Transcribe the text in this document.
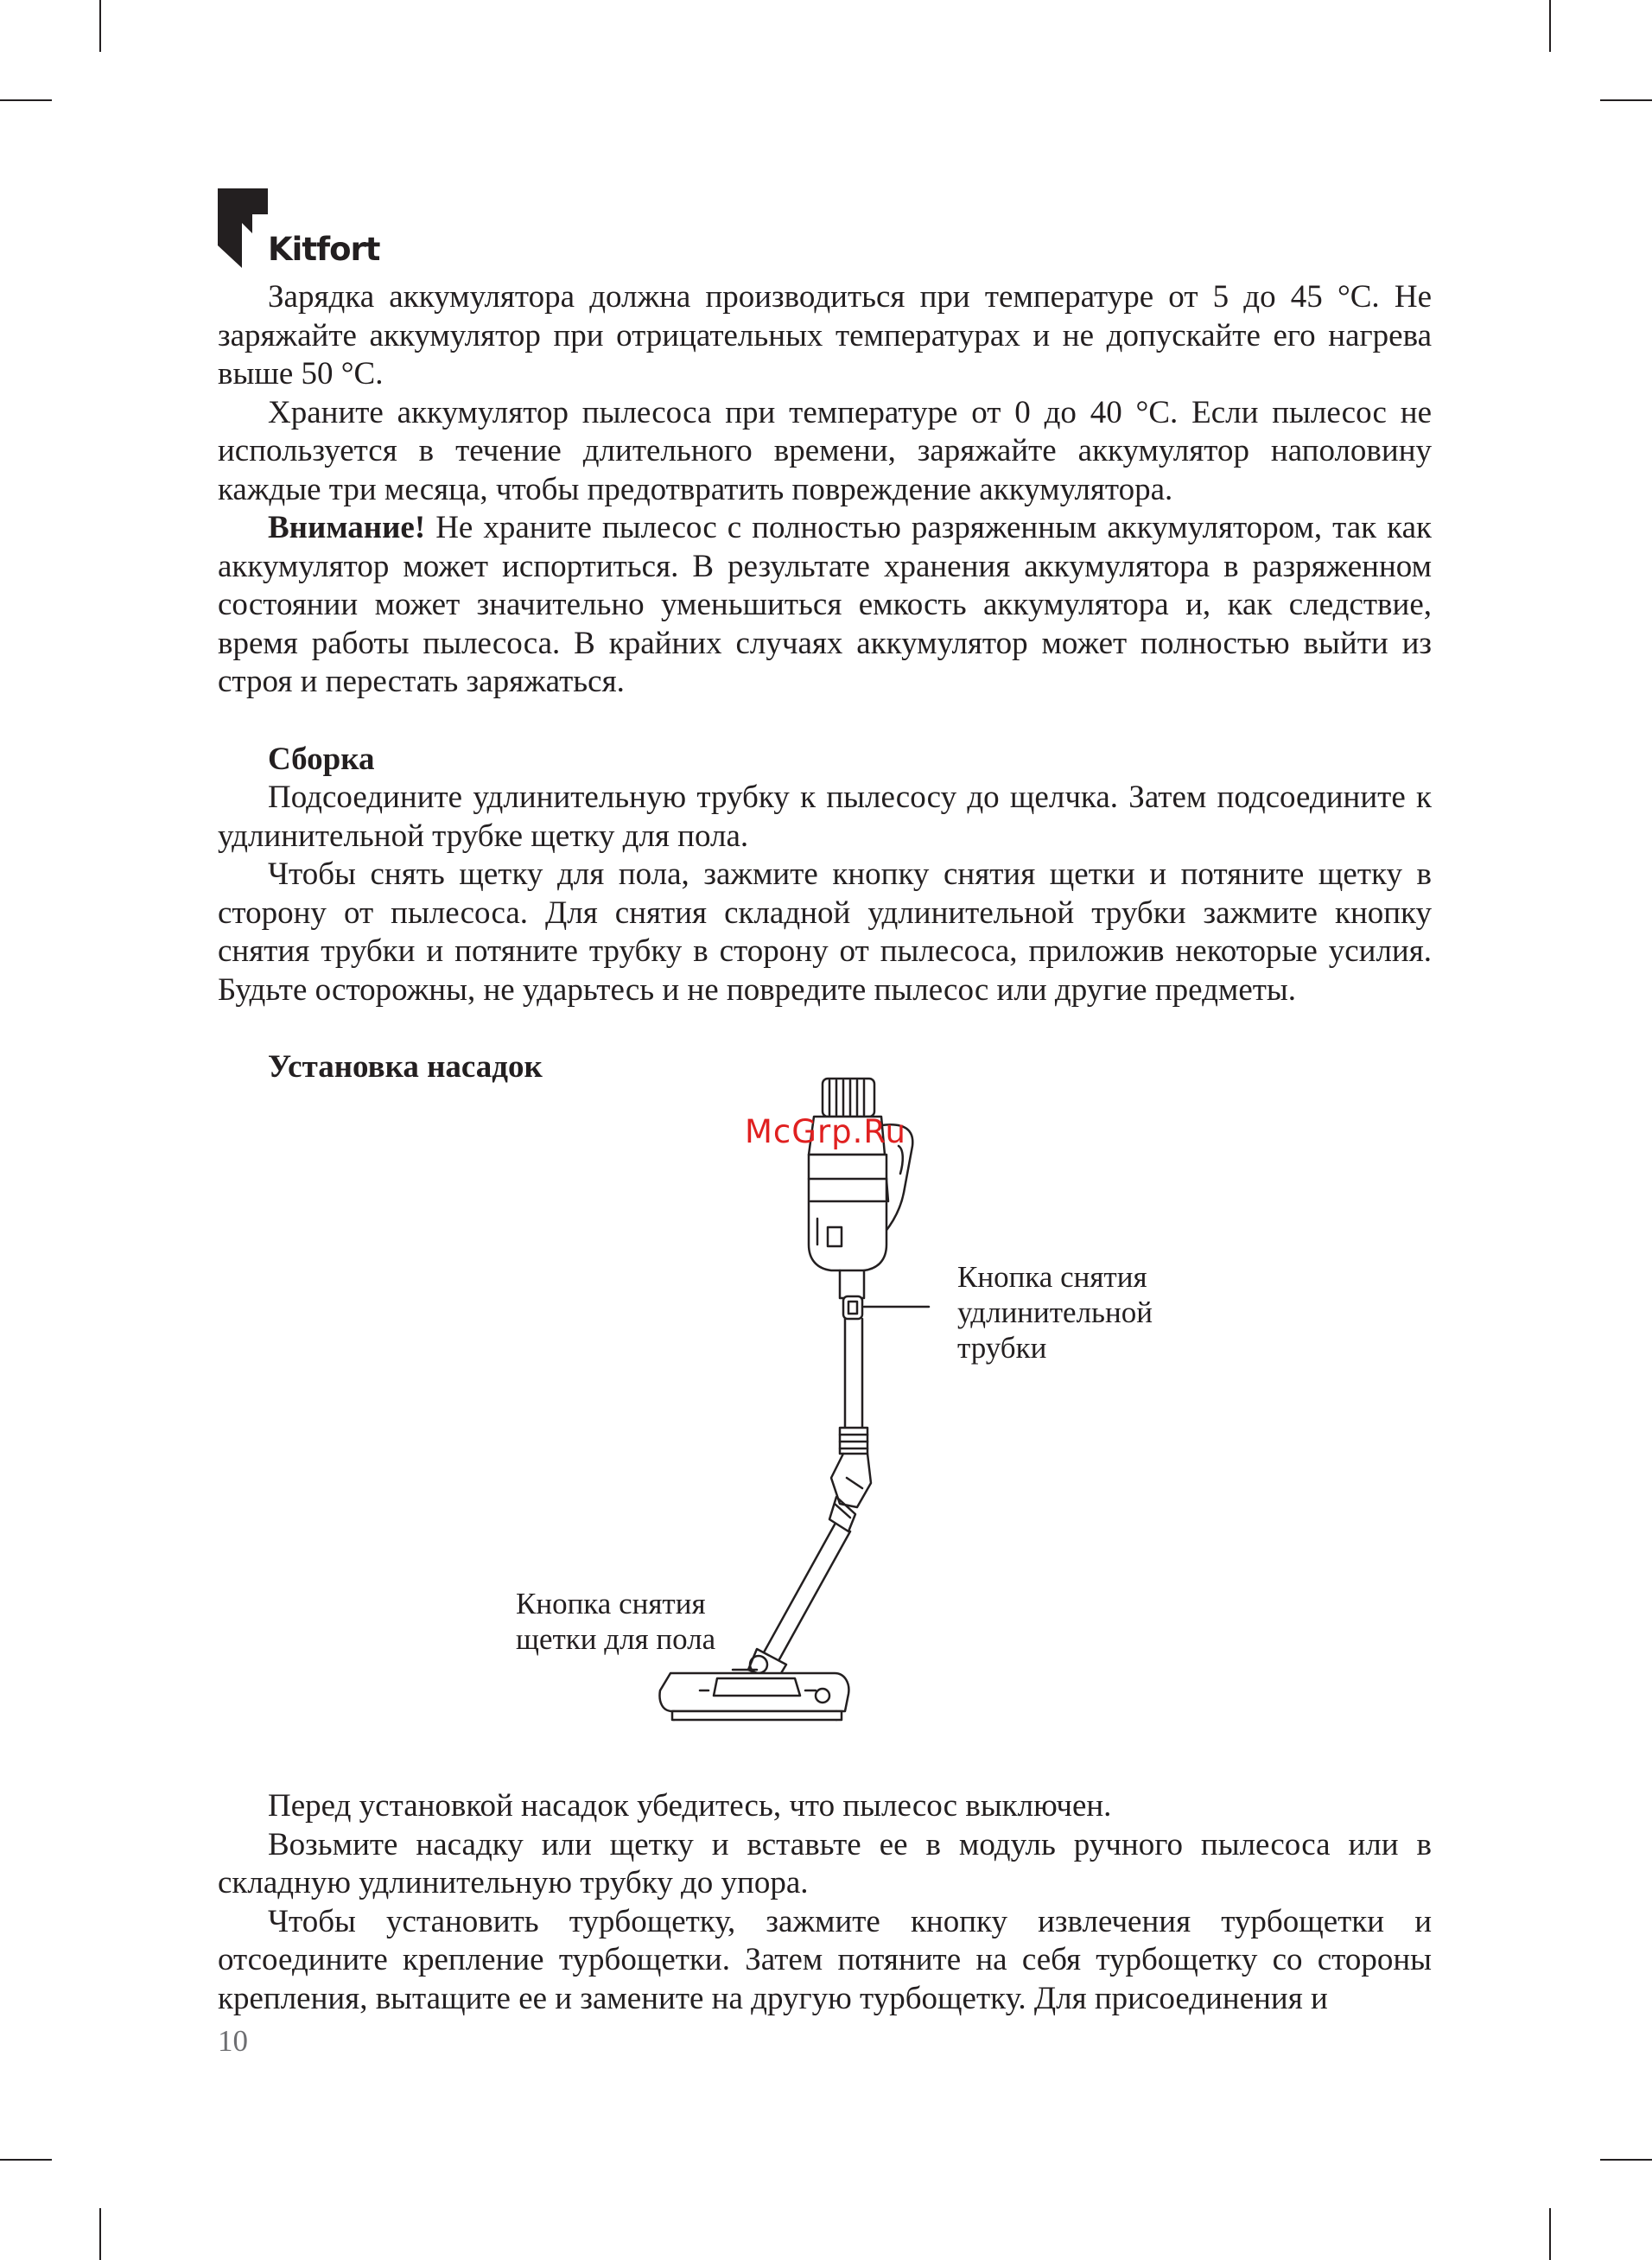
Kitfort

Зарядка аккумулятора должна производиться при температуре от 5 до 45 °С. Не заряжайте аккумулятор при отрицательных температурах и не допускайте его нагрева выше 50 °С.

Храните аккумулятор пылесоса при температуре от 0 до 40 °С. Если пылесос не используется в течение длительного времени, заряжайте аккумулятор наполовину каждые три месяца, чтобы предотвратить повреждение аккумулятора.

Внимание! Не храните пылесос с полностью разряженным аккумулятором, так как аккумулятор может испортиться. В результате хранения аккумулятора в разряженном состоянии может значительно уменьшиться емкость аккумулятора и, как следствие, время работы пылесоса. В крайних случаях аккумулятор может полностью выйти из строя и перестать заряжаться.

Сборка

Подсоедините удлинительную трубку к пылесосу до щелчка. Затем подсоедините к удлинительной трубке щетку для пола.

Чтобы снять щетку для пола, зажмите кнопку снятия щетки и потяните щетку в сторону от пылесоса. Для снятия складной удлинительной трубки зажмите кнопку снятия трубки и потяните трубку в сторону от пылесоса, приложив некоторые усилия. Будьте осторожны, не ударьтесь и не повредите пылесос или другие предметы.

Установка насадок

Кнопка снятия
удлинительной
трубки
Кнопка снятия
щетки для пола
McGrp.Ru

Перед установкой насадок убедитесь, что пылесос выключен.

Возьмите насадку или щетку и вставьте ее в модуль ручного пылесоса или в складную удлинительную трубку до упора.

Чтобы установить турбощетку, зажмите кнопку извлечения турбощетки и отсоедините крепление турбощетки. Затем потяните на себя турбощетку со стороны крепления, вытащите ее и замените на другую турбощетку. Для присоединения и

10
